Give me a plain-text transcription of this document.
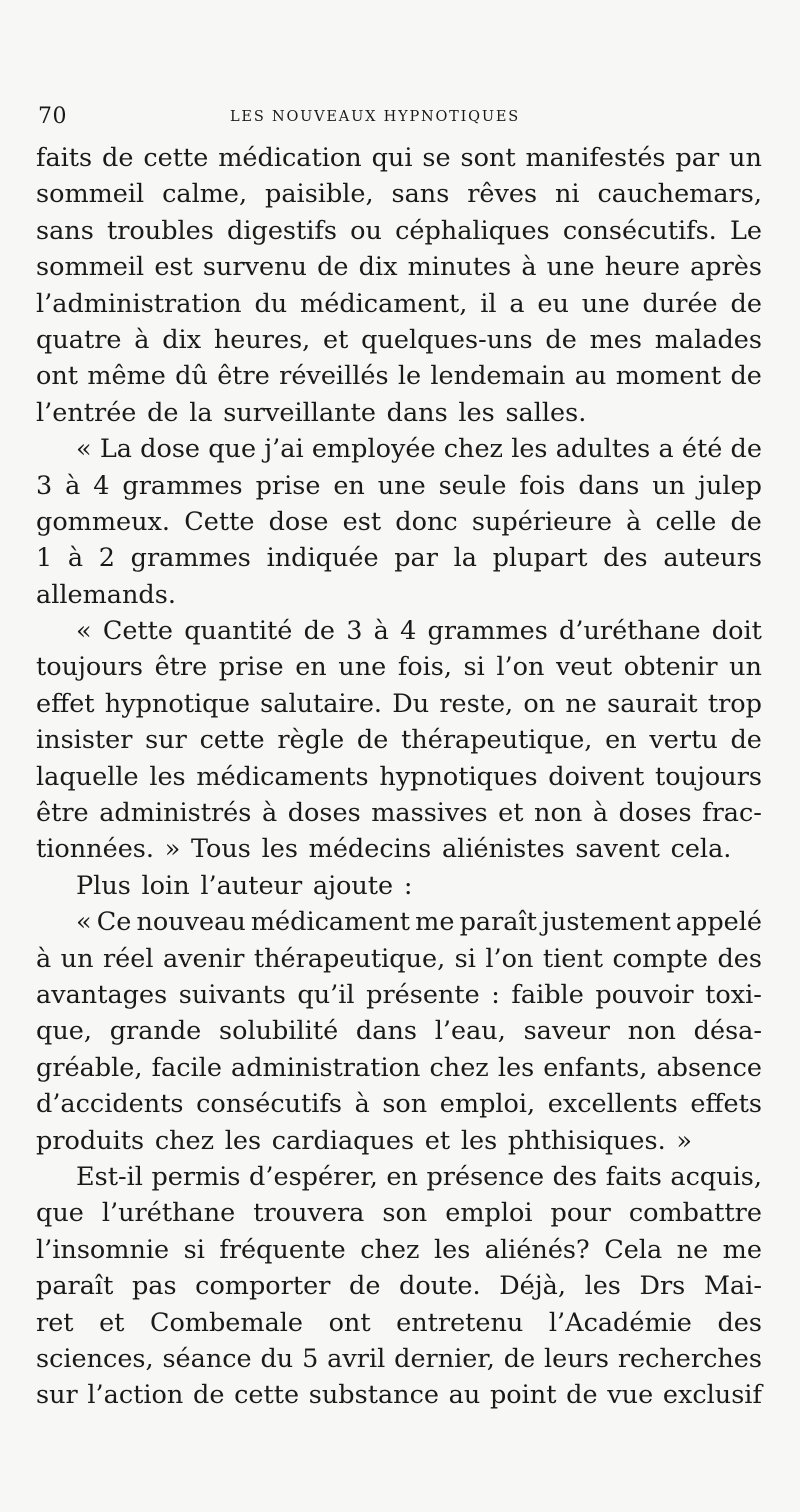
70	LES NOUVEAUX HYPNOTIQUES
faits de cette médication qui se sont manifestés par un
sommeil calme, paisible, sans rêves ni cauchemars,
sans troubles digestifs ou céphaliques consécutifs. Le
sommeil est survenu de dix minutes à une heure après
l’administration du médicament, il a eu une durée de
quatre à dix heures, et quelques-uns de mes malades
ont même dû être réveillés le lendemain au moment de
l’entrée de la surveillante dans les salles.
« La dose que j’ai employée chez les adultes a été de
3 à 4 grammes prise en une seule fois dans un julep
gommeux. Cette dose est donc supérieure à celle de
1 à 2 grammes indiquée par la plupart des auteurs
allemands.
« Cette quantité de 3 à 4 grammes d’uréthane doit
toujours être prise en une fois, si l’on veut obtenir un
effet hypnotique salutaire. Du reste, on ne saurait trop
insister sur cette règle de thérapeutique, en vertu de
laquelle les médicaments hypnotiques doivent toujours
être administrés à doses massives et non à doses frac-
tionnées. » Tous les médecins aliénistes savent cela.
Plus loin l’auteur ajoute :
« Ce nouveau médicament me paraît justement appelé
à un réel avenir thérapeutique, si l’on tient compte des
avantages suivants qu’il présente : faible pouvoir toxi-
que, grande solubilité dans l’eau, saveur non désa-
gréable, facile administration chez les enfants, absence
d’accidents consécutifs à son emploi, excellents effets
produits chez les cardiaques et les phthisiques. »
Est-il permis d’espérer, en présence des faits acquis,
que l’uréthane trouvera son emploi pour combattre
l’insomnie si fréquente chez les aliénés? Cela ne me
paraît pas comporter de doute. Déjà, les Drs Mai-
ret et Combemale ont entretenu l’Académie des
sciences, séance du 5 avril dernier, de leurs recherches
sur l’action de cette substance au point de vue exclusif
